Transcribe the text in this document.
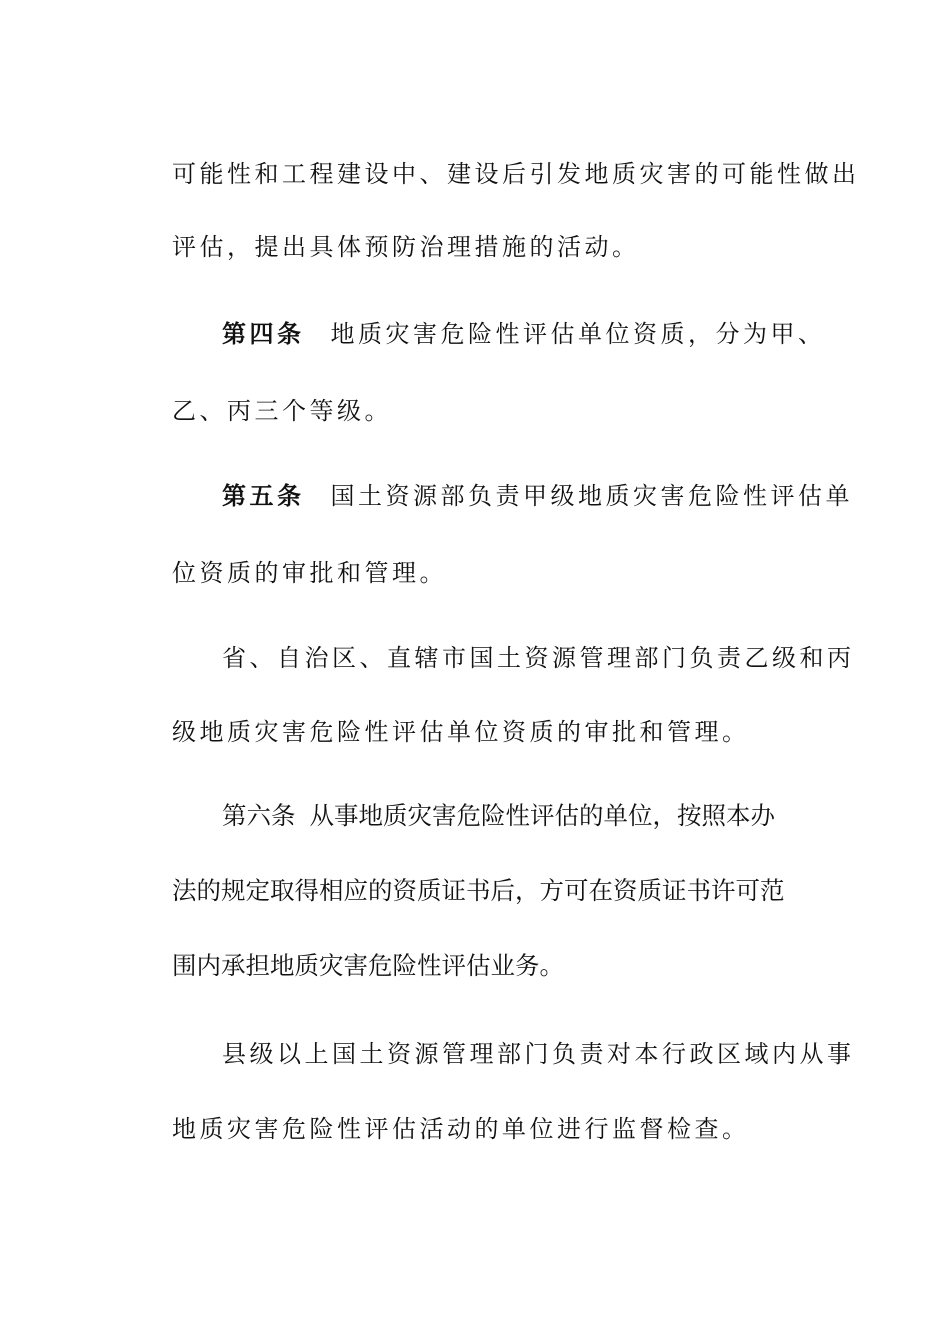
可能性和工程建设中、建设后引发地质灾害的可能性做出
评估，提出具体预防治理措施的活动。
第四条 地质灾害危险性评估单位资质，分为甲、
乙、丙三个等级。
第五条 国土资源部负责甲级地质灾害危险性评估单
位资质的审批和管理。
省、自治区、直辖市国土资源管理部门负责乙级和丙
级地质灾害危险性评估单位资质的审批和管理。
第六条 从事地质灾害危险性评估的单位，按照本办
法的规定取得相应的资质证书后，方可在资质证书许可范
围内承担地质灾害危险性评估业务。
县级以上国土资源管理部门负责对本行政区域内从事
地质灾害危险性评估活动的单位进行监督检查。
